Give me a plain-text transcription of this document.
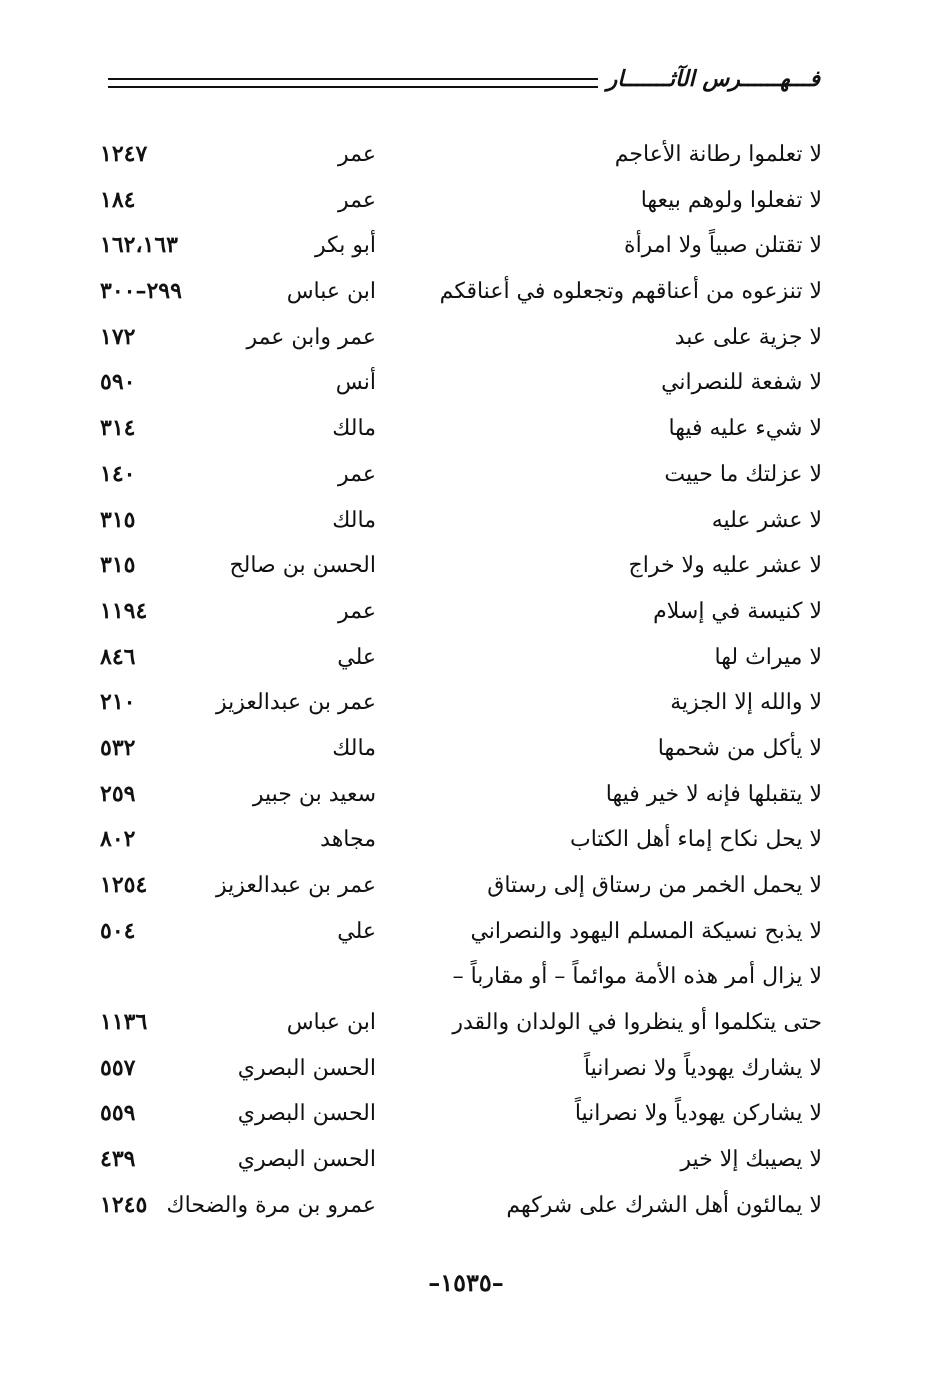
فـــهــــــرس الآثـــــــار
لا تعلموا رطانة الأعاجم
عمر
١٢٤٧
لا تفعلوا ولوهم بيعها
عمر
١٨٤
لا تقتلن صبياً ولا امرأة
أبو بكر
١٦٢،١٦٣
لا تنزعوه من أعناقهم وتجعلوه في أعناقكم
ابن عباس
٢٩٩–٣٠٠
لا جزية على عبد
عمر وابن عمر
١٧٢
لا شفعة للنصراني
أنس
٥٩٠
لا شيء عليه فيها
مالك
٣١٤
لا عزلتك ما حييت
عمر
١٤٠
لا عشر عليه
مالك
٣١٥
لا عشر عليه ولا خراج
الحسن بن صالح
٣١٥
لا كنيسة في إسلام
عمر
١١٩٤
لا ميراث لها
علي
٨٤٦
لا والله إلا الجزية
عمر بن عبدالعزيز
٢١٠
لا يأكل من شحمها
مالك
٥٣٢
لا يتقبلها فإنه لا خير فيها
سعيد بن جبير
٢٥٩
لا يحل نكاح إماء أهل الكتاب
مجاهد
٨٠٢
لا يحمل الخمر من رستاق إلى رستاق
عمر بن عبدالعزيز
١٢٥٤
لا يذبح نسيكة المسلم اليهود والنصراني
علي
٥٠٤
لا يزال أمر هذه الأمة موائماً – أو مقارباً –
حتى يتكلموا أو ينظروا في الولدان والقدر
ابن عباس
١١٣٦
لا يشارك يهودياً ولا نصرانياً
الحسن البصري
٥٥٧
لا يشاركن يهودياً ولا نصرانياً
الحسن البصري
٥٥٩
لا يصيبك إلا خير
الحسن البصري
٤٣٩
لا يمالئون أهل الشرك على شركهم
عمرو بن مرة والضحاك
١٢٤٥
–١٥٣٥–
